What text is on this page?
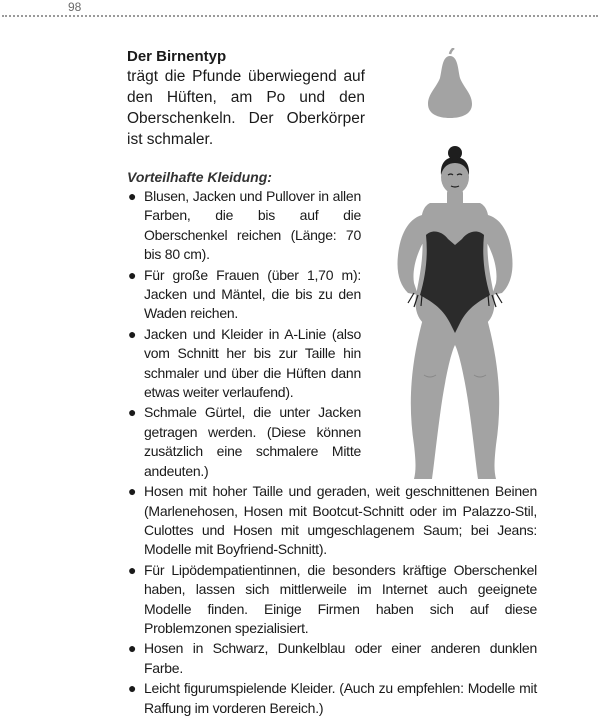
98
Der Birnentyp

trägt die Pfunde überwiegend auf den Hüften, am Po und den Oberschenkeln. Der Oberkörper ist schmaler.

Vorteilhafte Kleidung:
● Blusen, Jacken und Pullover in allen Farben, die bis auf die Oberschenkel reichen (Länge: 70 bis 80 cm).
● Für große Frauen (über 1,70 m): Jacken und Mäntel, die bis zu den Waden reichen.
● Jacken und Kleider in A-Linie (also vom Schnitt her bis zur Taille hin schmaler und über die Hüften dann etwas weiter verlaufend).
● Schmale Gürtel, die unter Jacken getragen werden. (Diese können zusätzlich eine schmalere Mitte andeuten.)
● Hosen mit hoher Taille und geraden, weit geschnittenen Beinen (Marlenehosen, Hosen mit Bootcut-Schnitt oder im Palazzo-Stil, Culottes und Hosen mit umgeschlagenem Saum; bei Jeans: Modelle mit Boyfriend-Schnitt).
● Für Lipödempatientinnen, die besonders kräftige Oberschenkel haben, lassen sich mittlerweile im Internet auch geeignete Modelle finden. Einige Firmen haben sich auf diese Problemzonen spezialisiert.
● Hosen in Schwarz, Dunkelblau oder einer anderen dunklen Farbe.
● Leicht figurumspielende Kleider. (Auch zu empfehlen: Modelle mit Raffung im vorderen Bereich.)
